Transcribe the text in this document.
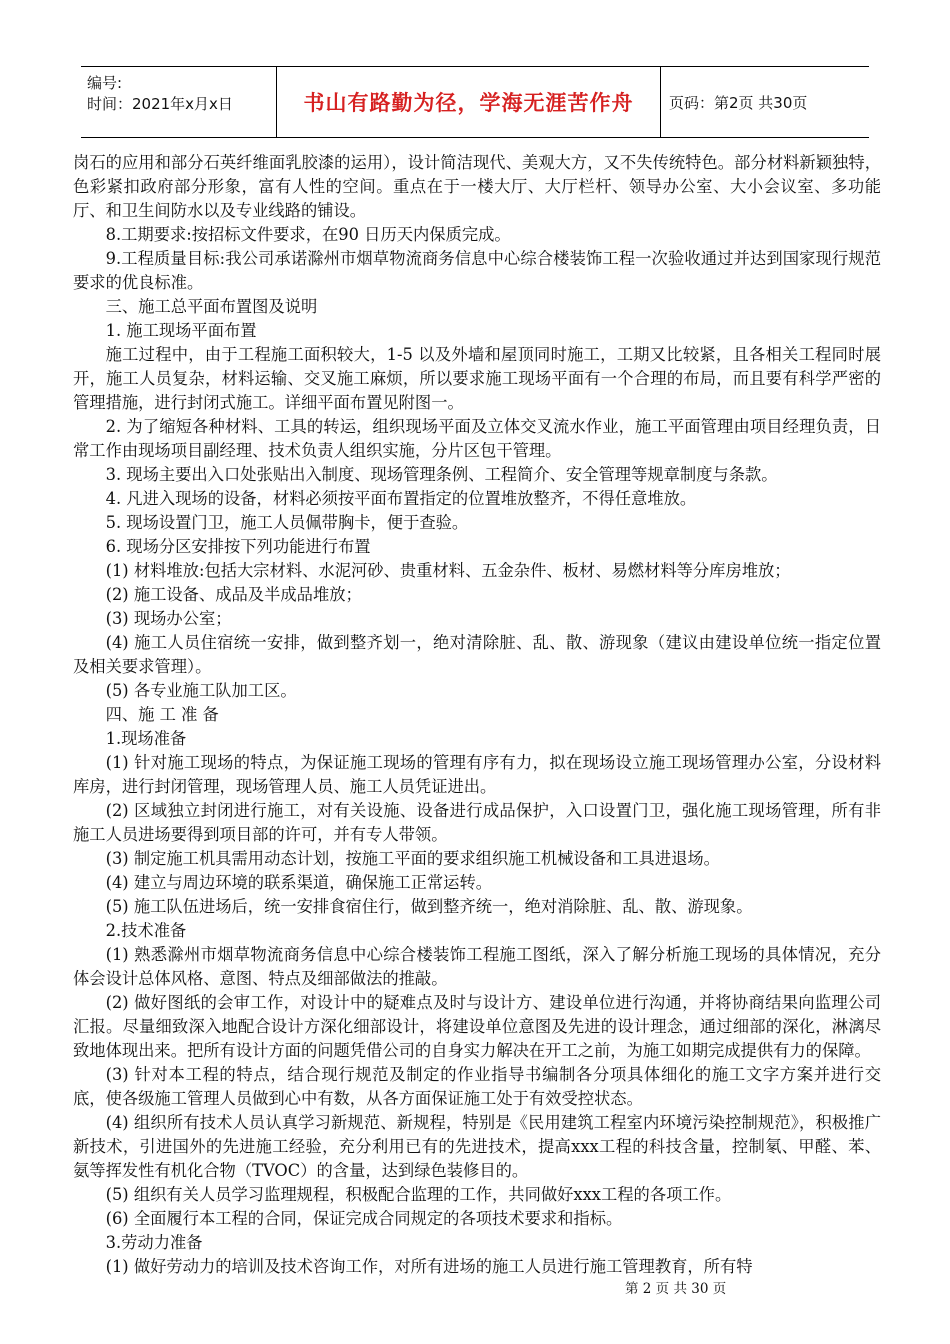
编号:
时间：2021年x月x日	书山有路勤为径，学海无涯苦作舟 页码：第2页 共30页

岗石的应用和部分石英纤维面乳胶漆的运用），设计简洁现代、美观大方，又不失传统特色。部分材料新颖独特，色彩紧扣政府部分形象，富有人性的空间。重点在于一楼大厅、大厅栏杆、领导办公室、大小会议室、多功能厅、和卫生间防水以及专业线路的铺设。

8.工期要求:按招标文件要求，在90 日历天内保质完成。

9.工程质量目标:我公司承诺滁州市烟草物流商务信息中心综合楼装饰工程一次验收通过并达到国家现行规范要求的优良标准。

三、施工总平面布置图及说明

1. 施工现场平面布置

施工过程中，由于工程施工面积较大，1-5 以及外墙和屋顶同时施工，工期又比较紧，且各相关工程同时展开，施工人员复杂，材料运输、交叉施工麻烦，所以要求施工现场平面有一个合理的布局，而且要有科学严密的管理措施，进行封闭式施工。详细平面布置见附图一。

2. 为了缩短各种材料、工具的转运，组织现场平面及立体交叉流水作业，施工平面管理由项目经理负责，日常工作由现场项目副经理、技术负责人组织实施，分片区包干管理。

3. 现场主要出入口处张贴出入制度、现场管理条例、工程简介、安全管理等规章制度与条款。

4. 凡进入现场的设备，材料必须按平面布置指定的位置堆放整齐，不得任意堆放。

5. 现场设置门卫，施工人员佩带胸卡，便于查验。

6. 现场分区安排按下列功能进行布置

(1) 材料堆放:包括大宗材料、水泥河砂、贵重材料、五金杂件、板材、易燃材料等分库房堆放；

(2) 施工设备、成品及半成品堆放；

(3) 现场办公室；

(4) 施工人员住宿统一安排，做到整齐划一，绝对清除脏、乱、散、游现象（建议由建设单位统一指定位置及相关要求管理）。

(5) 各专业施工队加工区。

四、施 工 准 备

1.现场准备

(1) 针对施工现场的特点，为保证施工现场的管理有序有力，拟在现场设立施工现场管理办公室，分设材料库房，进行封闭管理，现场管理人员、施工人员凭证进出。

(2) 区域独立封闭进行施工，对有关设施、设备进行成品保护，入口设置门卫，强化施工现场管理，所有非施工人员进场要得到项目部的许可，并有专人带领。

(3) 制定施工机具需用动态计划，按施工平面的要求组织施工机械设备和工具进退场。

(4) 建立与周边环境的联系渠道，确保施工正常运转。

(5) 施工队伍进场后，统一安排食宿住行，做到整齐统一，绝对消除脏、乱、散、游现象。

2.技术准备

(1) 熟悉滁州市烟草物流商务信息中心综合楼装饰工程施工图纸，深入了解分析施工现场的具体情况，充分体会设计总体风格、意图、特点及细部做法的推敲。

(2) 做好图纸的会审工作，对设计中的疑难点及时与设计方、建设单位进行沟通，并将协商结果向监理公司汇报。尽量细致深入地配合设计方深化细部设计，将建设单位意图及先进的设计理念，通过细部的深化，淋漓尽致地体现出来。把所有设计方面的问题凭借公司的自身实力解决在开工之前，为施工如期完成提供有力的保障。

(3) 针对本工程的特点，结合现行规范及制定的作业指导书编制各分项具体细化的施工文字方案并进行交底，使各级施工管理人员做到心中有数，从各方面保证施工处于有效受控状态。

(4) 组织所有技术人员认真学习新规范、新规程，特别是《民用建筑工程室内环境污染控制规范》，积极推广新技术，引进国外的先进施工经验，充分利用已有的先进技术，提高xxx工程的科技含量，控制氡、甲醛、苯、氨等挥发性有机化合物（TVOC）的含量，达到绿色装修目的。

(5) 组织有关人员学习监理规程，积极配合监理的工作，共同做好xxx工程的各项工作。

(6) 全面履行本工程的合同，保证完成合同规定的各项技术要求和指标。

3.劳动力准备

(1) 做好劳动力的培训及技术咨询工作，对所有进场的施工人员进行施工管理教育，所有特

第 2 页 共 30 页
